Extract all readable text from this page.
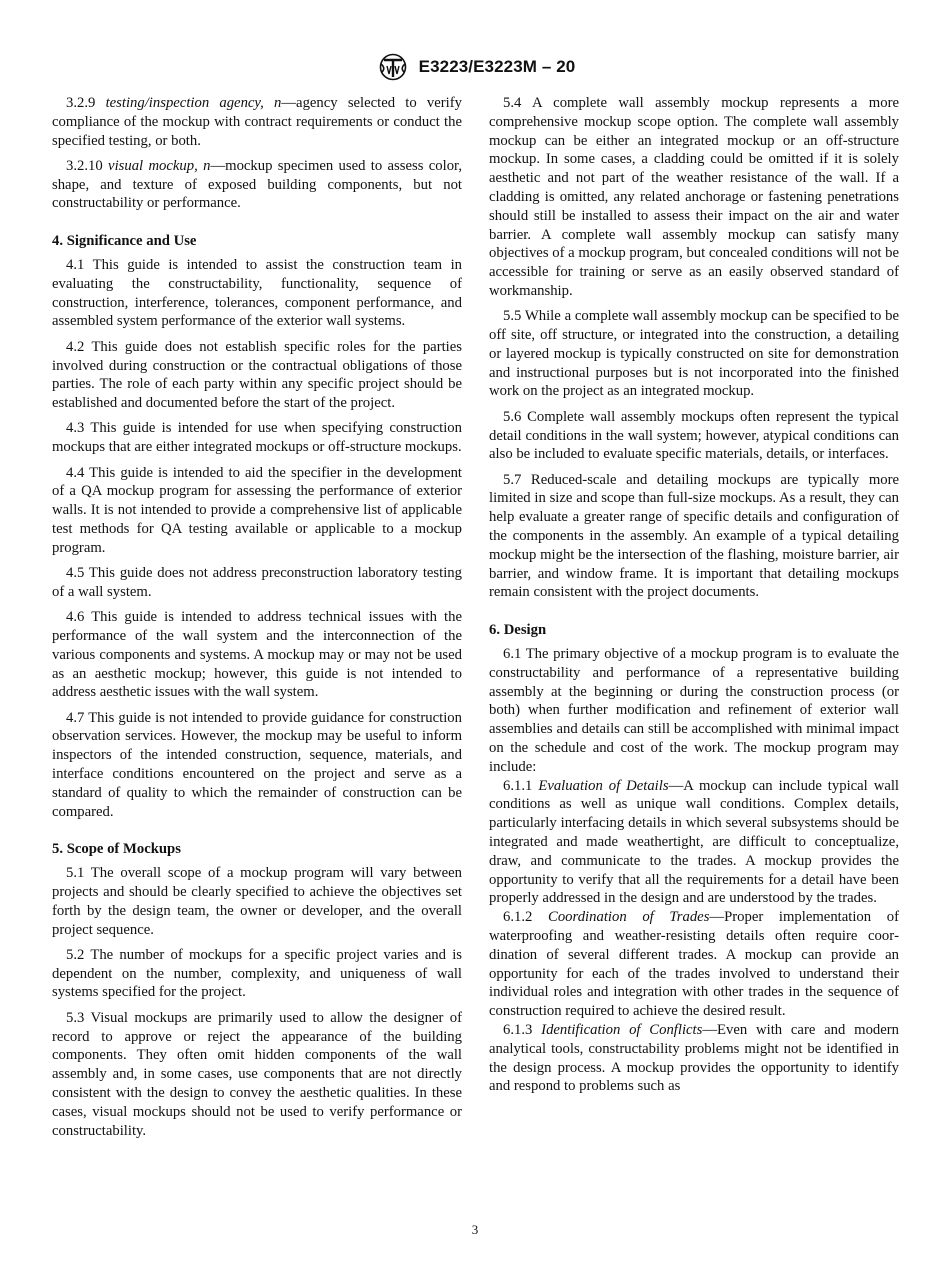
E3223/E3223M – 20

3.2.9 testing/inspection agency, n—agency selected to verify compliance of the mockup with contract requirements or conduct the specified testing, or both.

3.2.10 visual mockup, n—mockup specimen used to assess color, shape, and texture of exposed building components, but not constructability or performance.

4. Significance and Use

4.1 This guide is intended to assist the construction team in evaluating the constructability, functionality, sequence of construction, interference, tolerances, component performance, and assembled system performance of the exterior wall systems.

4.2 This guide does not establish specific roles for the parties involved during construction or the contractual obligations of those parties. The role of each party within any specific project should be established and documented before the start of the project.

4.3 This guide is intended for use when specifying construction mockups that are either integrated mockups or off-structure mockups.

4.4 This guide is intended to aid the specifier in the development of a QA mockup program for assessing the performance of exterior walls. It is not intended to provide a comprehensive list of applicable test methods for QA testing available or applicable to a mockup program.

4.5 This guide does not address preconstruction laboratory testing of a wall system.

4.6 This guide is intended to address technical issues with the performance of the wall system and the interconnection of the various components and systems. A mockup may or may not be used as an aesthetic mockup; however, this guide is not intended to address aesthetic issues with the wall system.

4.7 This guide is not intended to provide guidance for construction observation services. However, the mockup may be useful to inform inspectors of the intended construction, sequence, materials, and interface conditions encountered on the project and serve as a standard of quality to which the remainder of construction can be compared.

5. Scope of Mockups

5.1 The overall scope of a mockup program will vary between projects and should be clearly specified to achieve the objectives set forth by the design team, the owner or developer, and the overall project sequence.

5.2 The number of mockups for a specific project varies and is dependent on the number, complexity, and uniqueness of wall systems specified for the project.

5.3 Visual mockups are primarily used to allow the designer of record to approve or reject the appearance of the building components. They often omit hidden components of the wall assembly and, in some cases, use components that are not directly consistent with the design to convey the aesthetic qualities. In these cases, visual mockups should not be used to verify performance or constructability.

5.4 A complete wall assembly mockup represents a more comprehensive mockup scope option. The complete wall assembly mockup can be either an integrated mockup or an off-structure mockup. In some cases, a cladding could be omitted if it is solely aesthetic and not part of the weather resistance of the wall. If a cladding is omitted, any related anchorage or fastening penetrations should still be installed to assess their impact on the air and water barrier. A complete wall assembly mockup can satisfy many objectives of a mockup program, but concealed conditions will not be accessible for training or serve as an easily observed standard of workmanship.

5.5 While a complete wall assembly mockup can be specified to be off site, off structure, or integrated into the construction, a detailing or layered mockup is typically constructed on site for demonstration and instructional purposes but is not incorporated into the finished work on the project as an integrated mockup.

5.6 Complete wall assembly mockups often represent the typical detail conditions in the wall system; however, atypical conditions can also be included to evaluate specific materials, details, or interfaces.

5.7 Reduced-scale and detailing mockups are typically more limited in size and scope than full-size mockups. As a result, they can help evaluate a greater range of specific details and configuration of the components in the assembly. An example of a typical detailing mockup might be the intersection of the flashing, moisture barrier, air barrier, and window frame. It is important that detailing mockups remain consistent with the project documents.

6. Design

6.1 The primary objective of a mockup program is to evaluate the constructability and performance of a representative building assembly at the beginning or during the construction process (or both) when further modification and refinement of exterior wall assemblies and details can still be accomplished with minimal impact on the schedule and cost of the work. The mockup program may include:

6.1.1 Evaluation of Details—A mockup can include typical wall conditions as well as unique wall conditions. Complex details, particularly interfacing details in which several subsystems should be integrated and made weathertight, are difficult to conceptualize, draw, and communicate to the trades. A mockup provides the opportunity to verify that all the requirements for a detail have been properly addressed in the design and are understood by the trades.

6.1.2 Coordination of Trades—Proper implementation of waterproofing and weather-resisting details often require coordination of several different trades. A mockup can provide an opportunity for each of the trades involved to understand their individual roles and integration with other trades in the sequence of construction required to achieve the desired result.

6.1.3 Identification of Conflicts—Even with care and modern analytical tools, constructability problems might not be identified in the design process. A mockup provides the opportunity to identify and respond to problems such as

3
